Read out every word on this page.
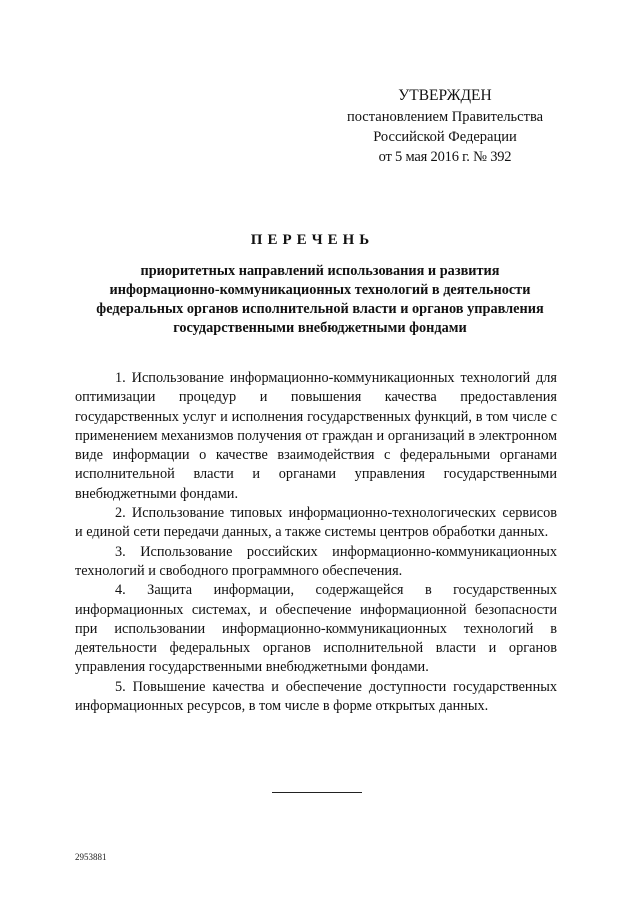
УТВЕРЖДЕН
постановлением Правительства
Российской Федерации
от 5 мая 2016 г. № 392
ПЕРЕЧЕНЬ
приоритетных направлений использования и развития
информационно-коммуникационных технологий в деятельности
федеральных органов исполнительной власти и органов управления
государственными внебюджетными фондами

1. Использование информационно-коммуникационных технологий для оптимизации процедур и повышения качества предоставления государственных услуг и исполнения государственных функций, в том числе с применением механизмов получения от граждан и организаций в электронном виде информации о качестве взаимодействия с федеральными органами исполнительной власти и органами управления государственными внебюджетными фондами.

2. Использование типовых информационно-технологических сервисов и единой сети передачи данных, а также системы центров обработки данных.

3. Использование российских информационно-коммуникационных технологий и свободного программного обеспечения.

4. Защита информации, содержащейся в государственных информационных системах, и обеспечение информационной безопасности при использовании информационно-коммуникационных технологий в деятельности федеральных органов исполнительной власти и органов управления государственными внебюджетными фондами.

5. Повышение качества и обеспечение доступности государственных информационных ресурсов, в том числе в форме открытых данных.

2953881
